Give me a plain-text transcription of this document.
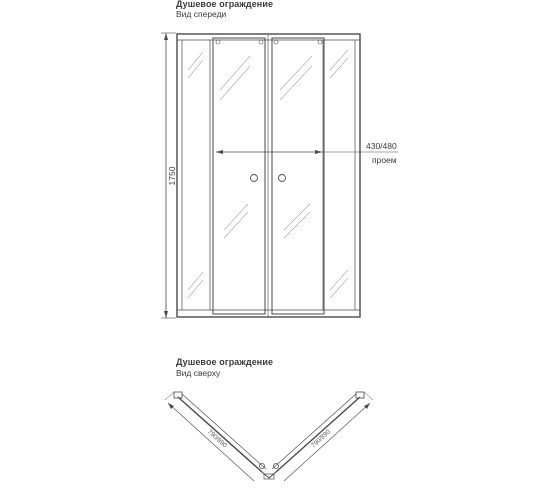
Душевое ограждение
Вид спереди
Душевое ограждение
Вид сверху
1750
430/480
проем
790/890	790/890
